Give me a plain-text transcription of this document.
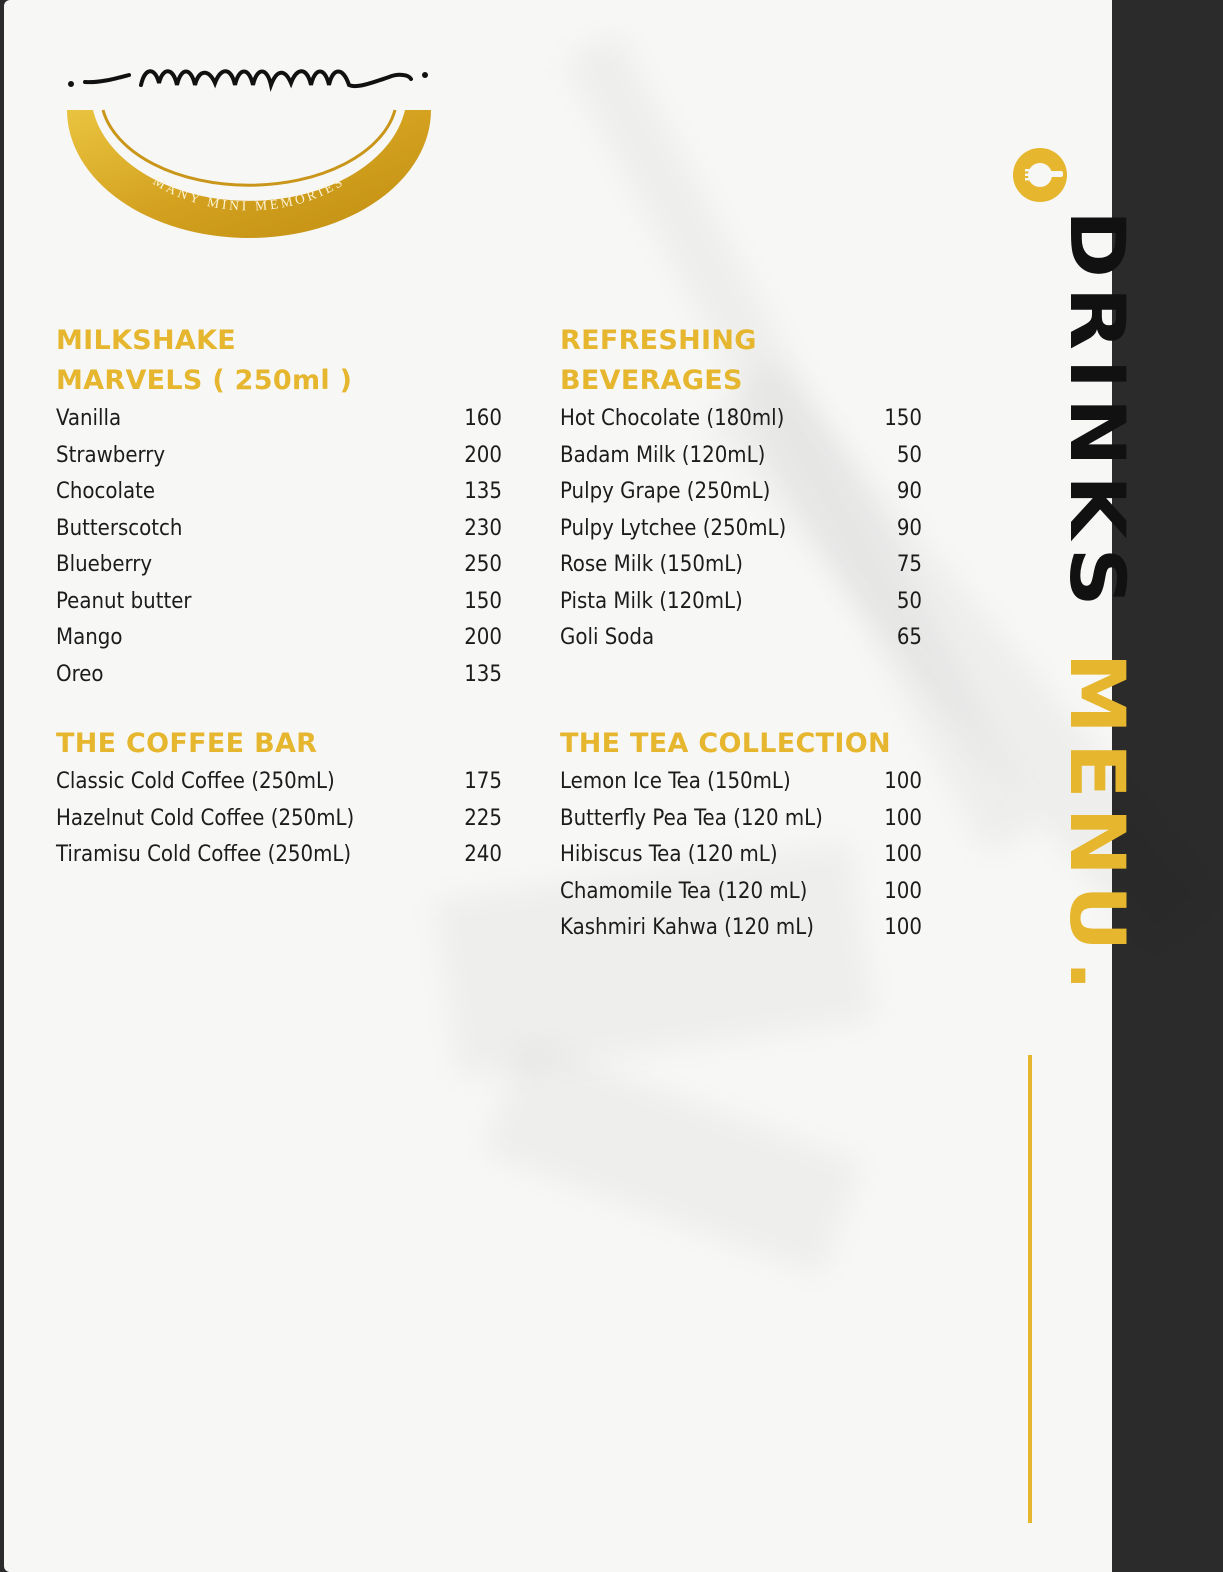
MANY MINI MEMORIES
MILKSHAKE
MARVELS ( 250ml )
Vanilla	160
Strawberry	200
Chocolate	135
Butterscotch	230
Blueberry	250
Peanut butter	150
Mango	200
Oreo	135
REFRESHING
BEVERAGES
Hot Chocolate (180ml)	150
Badam Milk (120mL)	50
Pulpy Grape (250mL)	90
Pulpy Lytchee (250mL)	90
Rose Milk (150mL)	75
Pista Milk (120mL)	50
Goli Soda	65
THE COFFEE BAR
Classic Cold Coffee (250mL)	175
Hazelnut Cold Coffee (250mL)	225
Tiramisu Cold Coffee (250mL)	240
THE TEA COLLECTION
Lemon Ice Tea (150mL)	100
Butterfly Pea Tea (120 mL)	100
Hibiscus Tea (120 mL)	100
Chamomile Tea (120 mL)	100
Kashmiri Kahwa (120 mL)	100
DRINKS MENU.
